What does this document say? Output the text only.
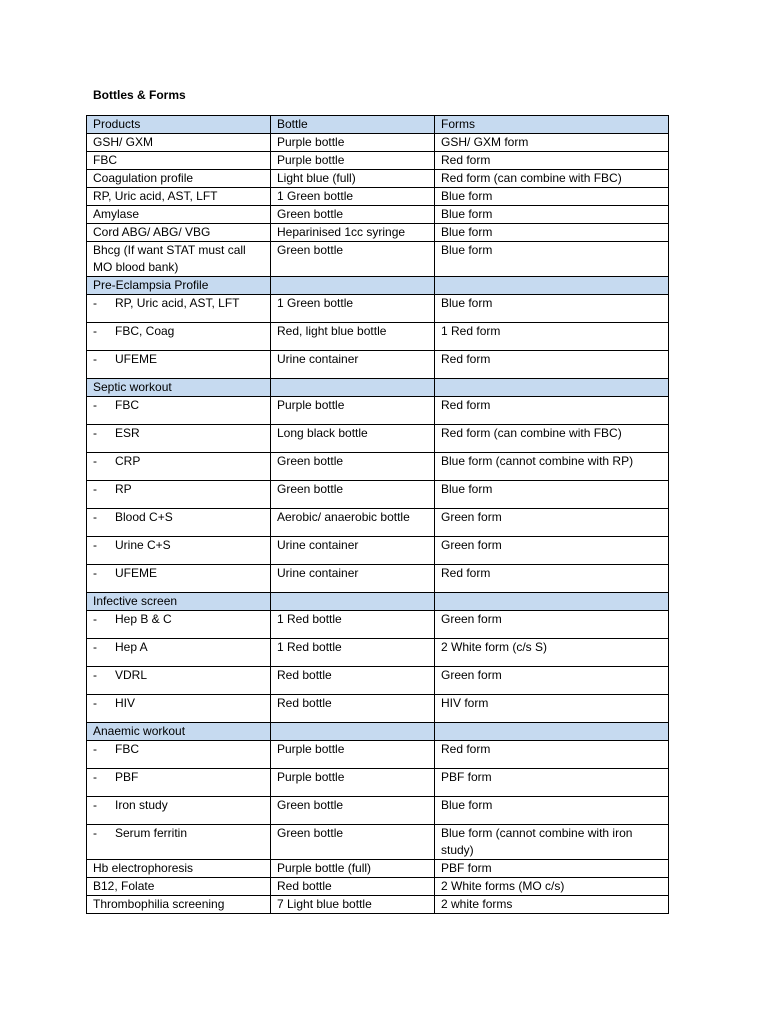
Bottles & Forms
Products	Bottle	Forms
GSH/ GXM	Purple bottle	GSH/ GXM form
FBC	Purple bottle	Red form
Coagulation profile	Light blue (full)	Red form (can combine with FBC)
RP, Uric acid, AST, LFT	1 Green bottle	Blue form
Amylase	Green bottle	Blue form
Cord ABG/ ABG/ VBG	Heparinised 1cc syringe	Blue form
Bhcg (If want STAT must call MO blood bank)	Green bottle	Blue form
Pre-Eclampsia Profile		
- RP, Uric acid, AST, LFT	1 Green bottle	Blue form
- FBC, Coag	Red, light blue bottle	1 Red form
- UFEME	Urine container	Red form
Septic workout		
- FBC	Purple bottle	Red form
- ESR	Long black bottle	Red form (can combine with FBC)
- CRP	Green bottle	Blue form (cannot combine with RP)
- RP	Green bottle	Blue form
- Blood C+S	Aerobic/ anaerobic bottle	Green form
- Urine C+S	Urine container	Green form
- UFEME	Urine container	Red form
Infective screen		
- Hep B & C	1 Red bottle	Green form
- Hep A	1 Red bottle	2 White form (c/s S)
- VDRL	Red bottle	Green form
- HIV	Red bottle	HIV form
Anaemic workout		
- FBC	Purple bottle	Red form
- PBF	Purple bottle	PBF form
- Iron study	Green bottle	Blue form
- Serum ferritin	Green bottle	Blue form (cannot combine with iron study)
Hb electrophoresis	Purple bottle (full)	PBF form
B12, Folate	Red bottle	2 White forms (MO c/s)
Thrombophilia screening	7 Light blue bottle	2 white forms
